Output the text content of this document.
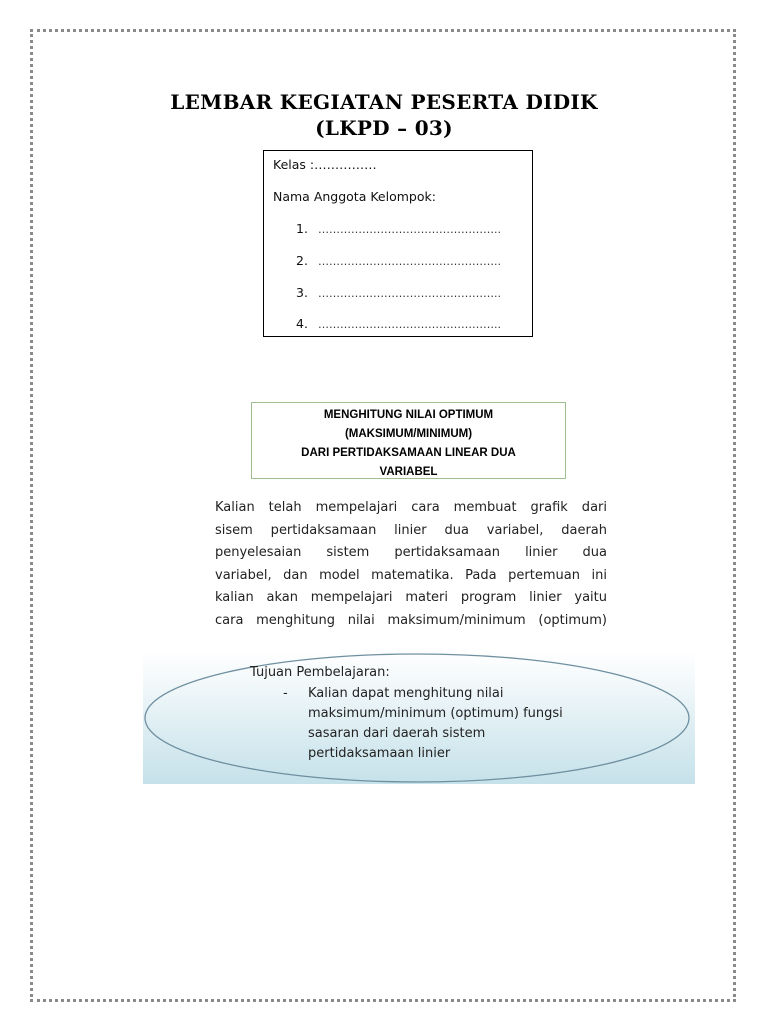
LEMBAR KEGIATAN PESERTA DIDIK
(LKPD – 03)
Kelas :……………
Nama Anggota Kelompok:
1. …………………………………………..
2. …………………………………………..
3. …………………………………………..
4. …………………………………………..
MENGHITUNG NILAI OPTIMUM
(MAKSIMUM/MINIMUM)
DARI PERTIDAKSAMAAN LINEAR DUA
VARIABEL
Kalian telah mempelajari cara membuat grafik dari
sisem pertidaksamaan linier dua variabel, daerah
penyelesaian sistem pertidaksamaan linier dua
variabel, dan model matematika. Pada pertemuan ini
kalian akan mempelajari materi program linier yaitu
cara menghitung nilai maksimum/minimum (optimum)
Tujuan Pembelajaran:
- Kalian dapat menghitung nilai
maksimum/minimum (optimum) fungsi
sasaran dari daerah sistem
pertidaksamaan linier
